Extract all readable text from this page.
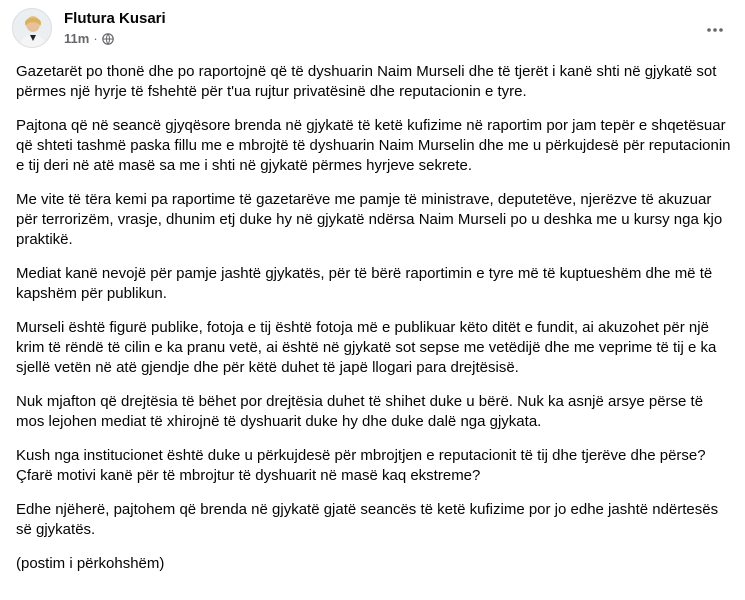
Flutura Kusari
11m ·

Gazetarët po thonë dhe po raportojnë që të dyshuarin Naim Murseli dhe të tjerët i kanë shti në gjykatë sot përmes një hyrje të fshehtë për t'ua rujtur privatësinë dhe reputacionin e tyre.

Pajtona që në seancë gjyqësore brenda në gjykatë të ketë kufizime në raportim por jam tepër e shqetësuar që shteti tashmë paska fillu me e mbrojtë të dyshuarin Naim Murselin dhe me u përkujdesë për reputacionin e tij deri në atë masë sa me i shti në gjykatë përmes hyrjeve sekrete.

Me vite të tëra kemi pa raportime të gazetarëve me pamje të ministrave, deputetëve, njerëzve të akuzuar për terrorizëm, vrasje, dhunim etj duke hy në gjykatë ndërsa Naim Murseli po u deshka me u kursy nga kjo praktikë.

Mediat kanë nevojë për pamje jashtë gjykatës, për të bërë raportimin e tyre më të kuptueshëm dhe më të kapshëm për publikun.

Murseli është figurë publike, fotoja e tij është fotoja më e publikuar këto ditët e fundit, ai akuzohet për një krim të rëndë të cilin e ka pranu vetë, ai është në gjykatë sot sepse me vetëdijë dhe me veprime të tij e ka sjellë vetën në atë gjendje dhe për këtë duhet të japë llogari para drejtësisë.

Nuk mjafton që drejtësia të bëhet por drejtësia duhet të shihet duke u bërë. Nuk ka asnjë arsye përse të mos lejohen mediat të xhirojnë të dyshuarit duke hy dhe duke dalë nga gjykata.

Kush nga institucionet është duke u përkujdesë për mbrojtjen e reputacionit të tij dhe tjerëve dhe përse? Çfarë motivi kanë për të mbrojtur të dyshuarit në masë kaq ekstreme?

Edhe njëherë, pajtohem që brenda në gjykatë gjatë seancës të ketë kufizime por jo edhe jashtë ndërtesës së gjykatës.

(postim i përkohshëm)
